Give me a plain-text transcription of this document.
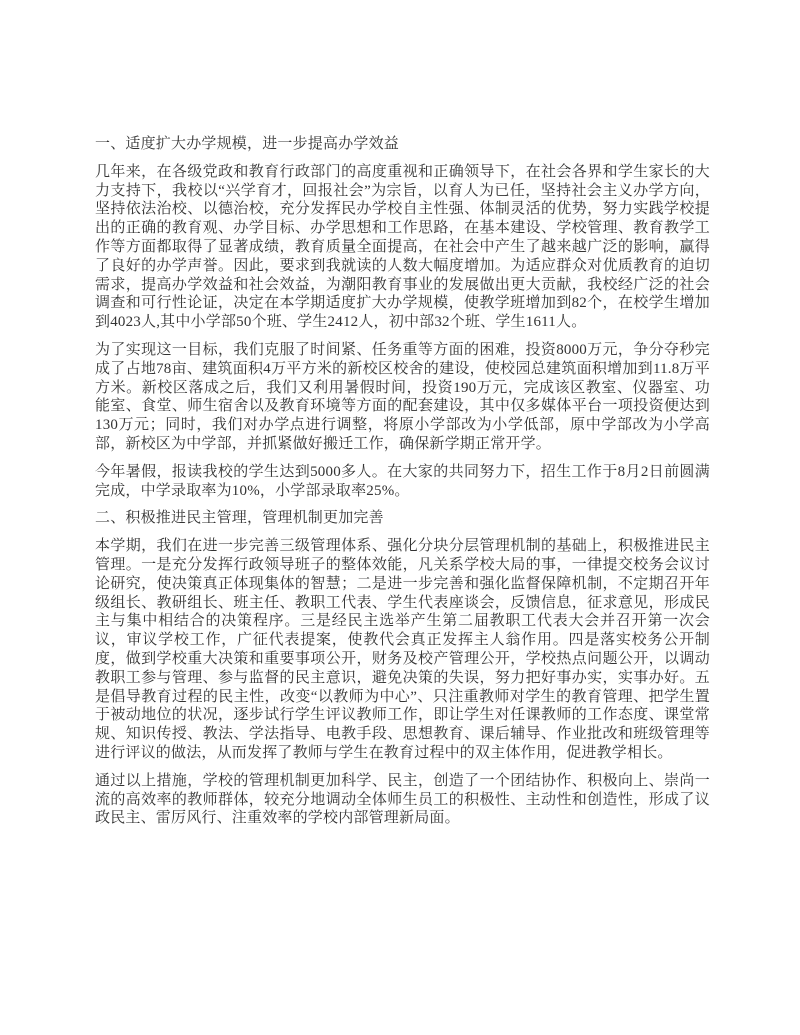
一、适度扩大办学规模，进一步提高办学效益

几年来，在各级党政和教育行政部门的高度重视和正确领导下，在社会各界和学生家长的大力支持下，我校以“兴学育才，回报社会”为宗旨，以育人为已任，坚持社会主义办学方向，坚持依法治校、以德治校，充分发挥民办学校自主性强、体制灵活的优势，努力实践学校提出的正确的教育观、办学目标、办学思想和工作思路，在基本建设、学校管理、教育教学工作等方面都取得了显著成绩，教育质量全面提高，在社会中产生了越来越广泛的影响，赢得了良好的办学声誉。因此，要求到我就读的人数大幅度增加。为适应群众对优质教育的迫切需求，提高办学效益和社会效益，为潮阳教育事业的发展做出更大贡献，我校经广泛的社会调查和可行性论证，决定在本学期适度扩大办学规模，使教学班增加到82个，在校学生增加到4023人,其中小学部50个班、学生2412人，初中部32个班、学生1611人。

为了实现这一目标，我们克服了时间紧、任务重等方面的困难，投资8000万元，争分夺秒完成了占地78亩、建筑面积4万平方米的新校区校舍的建设，使校园总建筑面积增加到11.8万平方米。新校区落成之后，我们又利用暑假时间，投资190万元，完成该区教室、仪器室、功能室、食堂、师生宿舍以及教育环境等方面的配套建设，其中仅多媒体平台一项投资便达到130万元；同时，我们对办学点进行调整，将原小学部改为小学低部，原中学部改为小学高部，新校区为中学部，并抓紧做好搬迁工作，确保新学期正常开学。

今年暑假，报读我校的学生达到5000多人。在大家的共同努力下，招生工作于8月2日前圆满完成，中学录取率为10%，小学部录取率25%。

二、积极推进民主管理，管理机制更加完善

本学期，我们在进一步完善三级管理体系、强化分块分层管理机制的基础上，积极推进民主管理。一是充分发挥行政领导班子的整体效能，凡关系学校大局的事，一律提交校务会议讨论研究，使决策真正体现集体的智慧；二是进一步完善和强化监督保障机制，不定期召开年级组长、教研组长、班主任、教职工代表、学生代表座谈会，反馈信息，征求意见，形成民主与集中相结合的决策程序。三是经民主选举产生第二届教职工代表大会并召开第一次会议，审议学校工作，广征代表提案，使教代会真正发挥主人翁作用。四是落实校务公开制度，做到学校重大决策和重要事项公开，财务及校产管理公开，学校热点问题公开，以调动教职工参与管理、参与监督的民主意识，避免决策的失误，努力把好事办实，实事办好。五是倡导教育过程的民主性，改变“以教师为中心”、只注重教师对学生的教育管理、把学生置于被动地位的状况，逐步试行学生评议教师工作，即让学生对任课教师的工作态度、课堂常规、知识传授、教法、学法指导、电教手段、思想教育、课后辅导、作业批改和班级管理等进行评议的做法，从而发挥了教师与学生在教育过程中的双主体作用，促进教学相长。

通过以上措施，学校的管理机制更加科学、民主，创造了一个团结协作、积极向上、崇尚一流的高效率的教师群体，较充分地调动全体师生员工的积极性、主动性和创造性，形成了议政民主、雷厉风行、注重效率的学校内部管理新局面。
